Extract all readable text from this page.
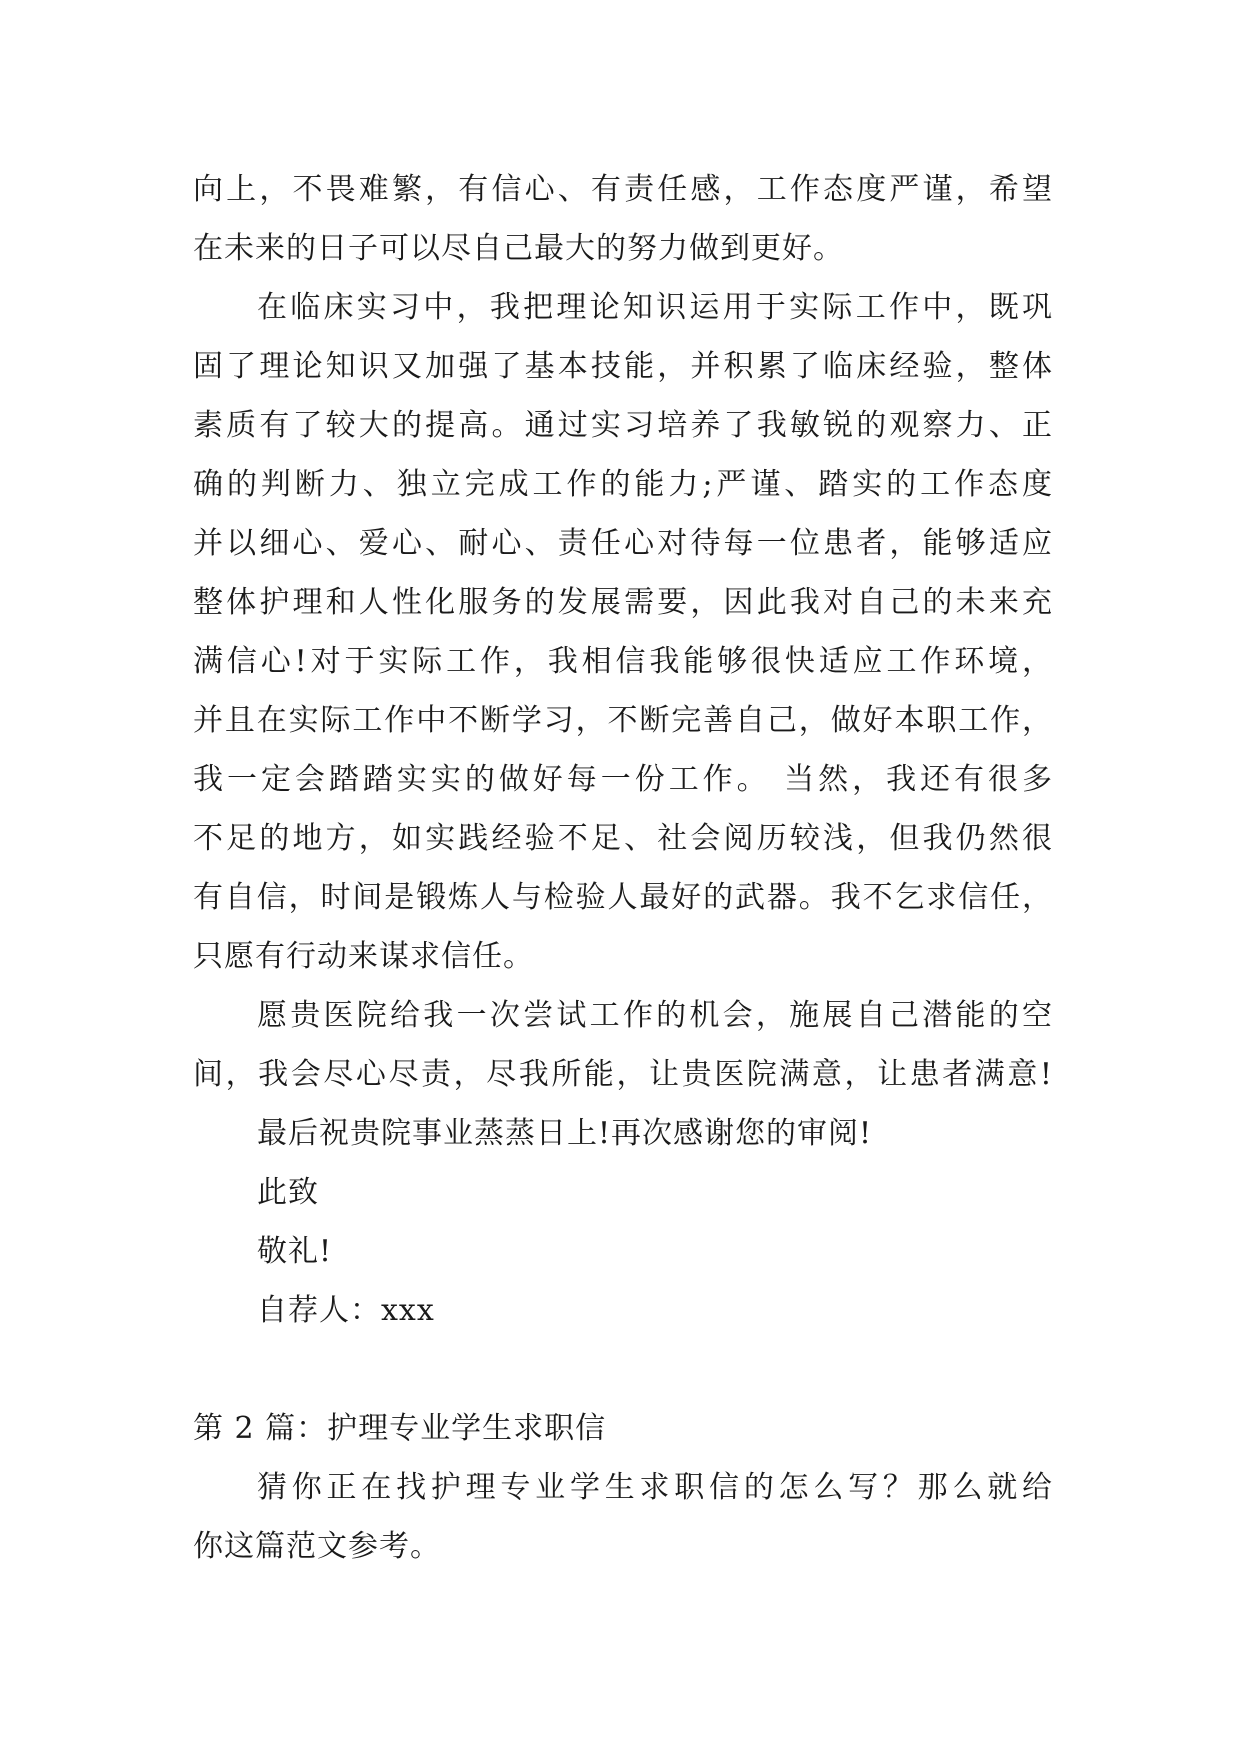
向上，不畏难繁，有信心、有责任感，工作态度严谨，希望
在未来的日子可以尽自己最大的努力做到更好。
在临床实习中，我把理论知识运用于实际工作中，既巩
固了理论知识又加强了基本技能，并积累了临床经验，整体
素质有了较大的提高。通过实习培养了我敏锐的观察力、正
确的判断力、独立完成工作的能力;严谨、踏实的工作态度
并以细心、爱心、耐心、责任心对待每一位患者，能够适应
整体护理和人性化服务的发展需要，因此我对自己的未来充
满信心!对于实际工作，我相信我能够很快适应工作环境，
并且在实际工作中不断学习，不断完善自己，做好本职工作，
我一定会踏踏实实的做好每一份工作。 当然，我还有很多
不足的地方，如实践经验不足、社会阅历较浅，但我仍然很
有自信，时间是锻炼人与检验人最好的武器。我不乞求信任，
只愿有行动来谋求信任。
愿贵医院给我一次尝试工作的机会，施展自己潜能的空
间，我会尽心尽责，尽我所能，让贵医院满意，让患者满意!
最后祝贵院事业蒸蒸日上!再次感谢您的审阅!
此致
敬礼!
自荐人：xxx
第 2 篇：护理专业学生求职信
猜你正在找护理专业学生求职信的怎么写？那么就给
你这篇范文参考。
